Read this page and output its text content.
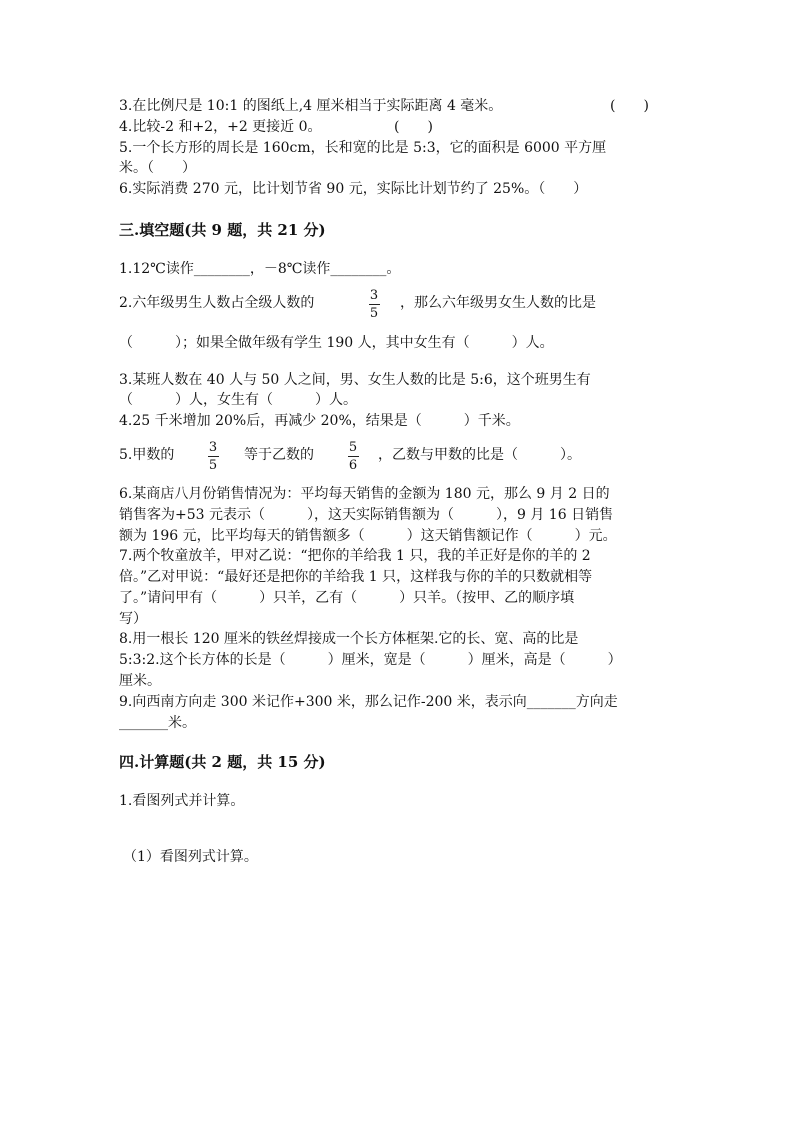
3.在比例尺是 10:1 的图纸上,4 厘米相当于实际距离 4 毫米。	(　　)
4.比较-2 和+2，+2 更接近 0。	(　　)
5.一个长方形的周长是 160cm，长和宽的比是 5:3，它的面积是 6000 平方厘
米。（　　）
6.实际消费 270 元，比计划节省 90 元，实际比计划节约了 25%。（　　）
三.填空题(共 9 题，共 21 分)
1.12℃读作________，－8℃读作________。
2.六年级男生人数占全级人数的	3
5
，那么六年级男女生人数的比是
（　　　）；如果全做年级有学生 190 人，其中女生有（　　　）人。
3.某班人数在 40 人与 50 人之间，男、女生人数的比是 5:6，这个班男生有
（　　　）人，女生有（　　　）人。
4.25 千米增加 20%后，再减少 20%，结果是（　　　）千米。
5.甲数的	3
5
等于乙数的	5
6
，乙数与甲数的比是（　　　）。
6.某商店八月份销售情况为：平均每天销售的金额为 180 元，那么 9 月 2 日的
销售客为+53 元表示（　　　），这天实际销售额为（　　　），9 月 16 日销售
额为 196 元，比平均每天的销售额多（　　　）这天销售额记作（　　　）元。
7.两个牧童放羊，甲对乙说：“把你的羊给我 1 只，我的羊正好是你的羊的 2
倍。”乙对甲说：“最好还是把你的羊给我 1 只，这样我与你的羊的只数就相等
了。”请问甲有（　　　）只羊，乙有（　　　）只羊。（按甲、乙的顺序填
写）
8.用一根长 120 厘米的铁丝焊接成一个长方体框架.它的长、宽、高的比是
5:3:2.这个长方体的长是（　　　）厘米，宽是（　　　）厘米，高是（　　　）
厘米。
9.向西南方向走 300 米记作+300 米，那么记作-200 米，表示向_______方向走
_______米。
四.计算题(共 2 题，共 15 分)
1.看图列式并计算。
（1）看图列式计算。
